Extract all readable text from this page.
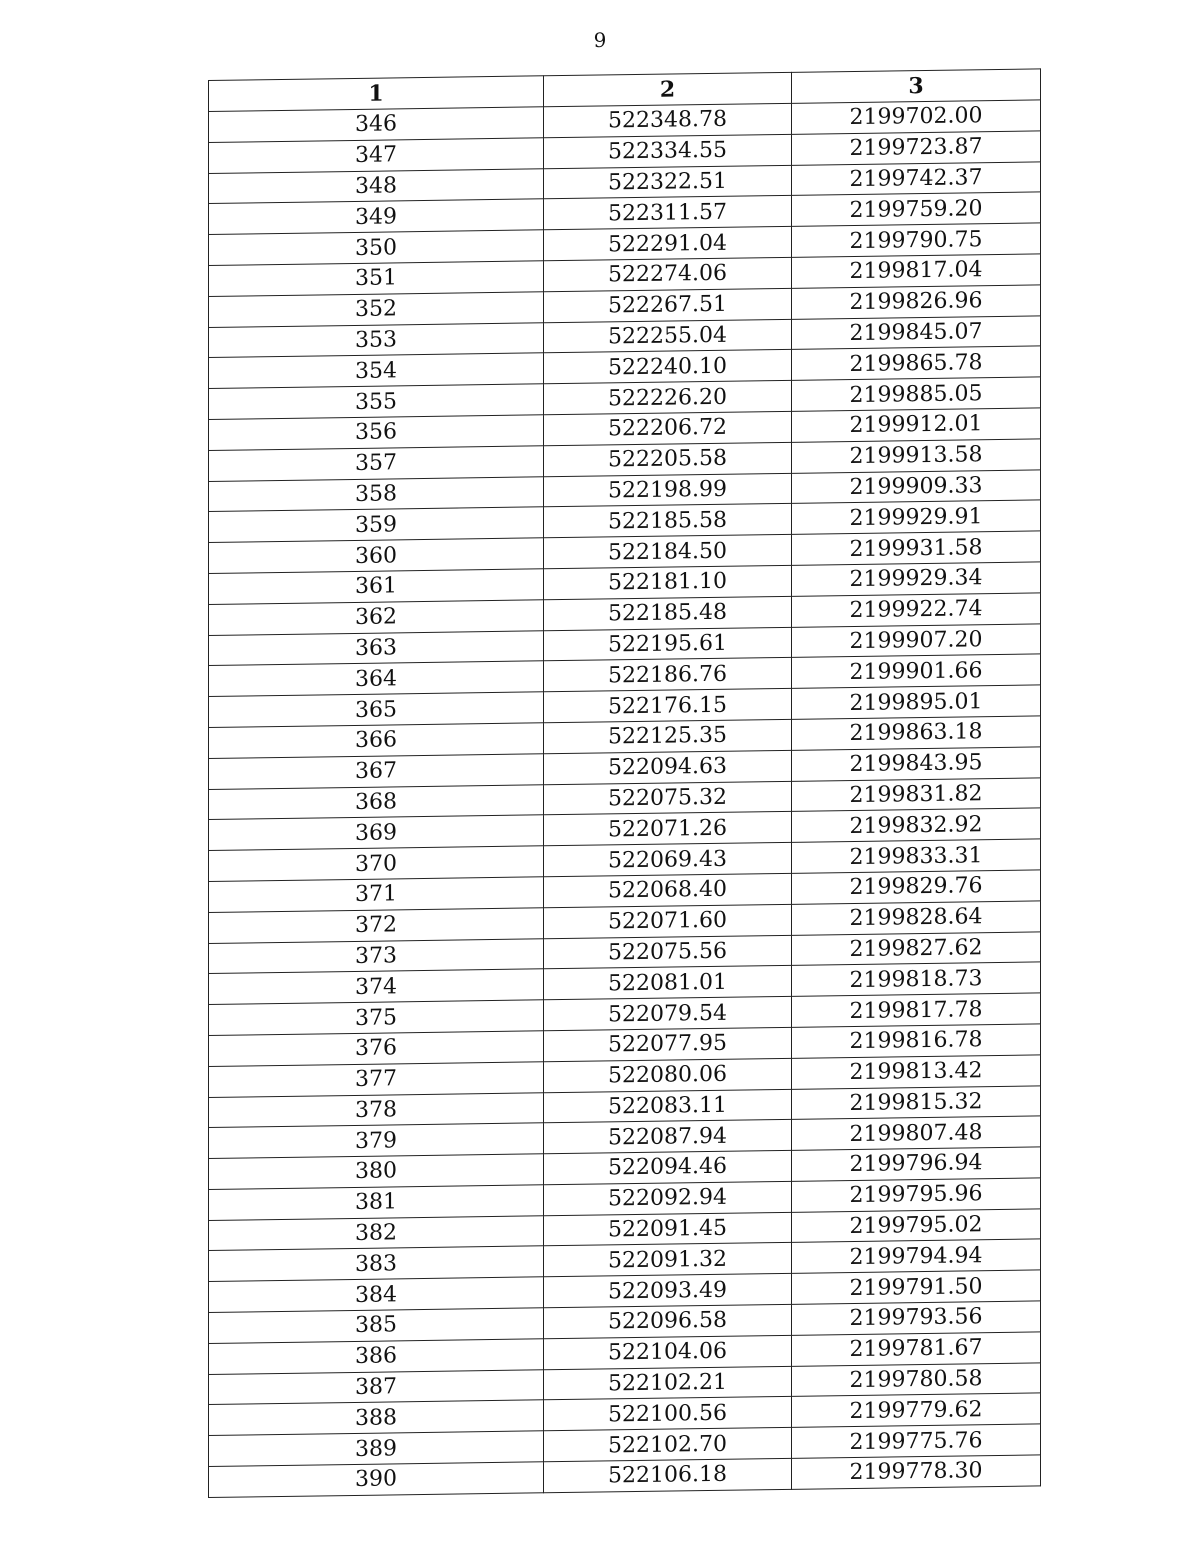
9
1	2	3
346	522348.78	2199702.00
347	522334.55	2199723.87
348	522322.51	2199742.37
349	522311.57	2199759.20
350	522291.04	2199790.75
351	522274.06	2199817.04
352	522267.51	2199826.96
353	522255.04	2199845.07
354	522240.10	2199865.78
355	522226.20	2199885.05
356	522206.72	2199912.01
357	522205.58	2199913.58
358	522198.99	2199909.33
359	522185.58	2199929.91
360	522184.50	2199931.58
361	522181.10	2199929.34
362	522185.48	2199922.74
363	522195.61	2199907.20
364	522186.76	2199901.66
365	522176.15	2199895.01
366	522125.35	2199863.18
367	522094.63	2199843.95
368	522075.32	2199831.82
369	522071.26	2199832.92
370	522069.43	2199833.31
371	522068.40	2199829.76
372	522071.60	2199828.64
373	522075.56	2199827.62
374	522081.01	2199818.73
375	522079.54	2199817.78
376	522077.95	2199816.78
377	522080.06	2199813.42
378	522083.11	2199815.32
379	522087.94	2199807.48
380	522094.46	2199796.94
381	522092.94	2199795.96
382	522091.45	2199795.02
383	522091.32	2199794.94
384	522093.49	2199791.50
385	522096.58	2199793.56
386	522104.06	2199781.67
387	522102.21	2199780.58
388	522100.56	2199779.62
389	522102.70	2199775.76
390	522106.18	2199778.30
